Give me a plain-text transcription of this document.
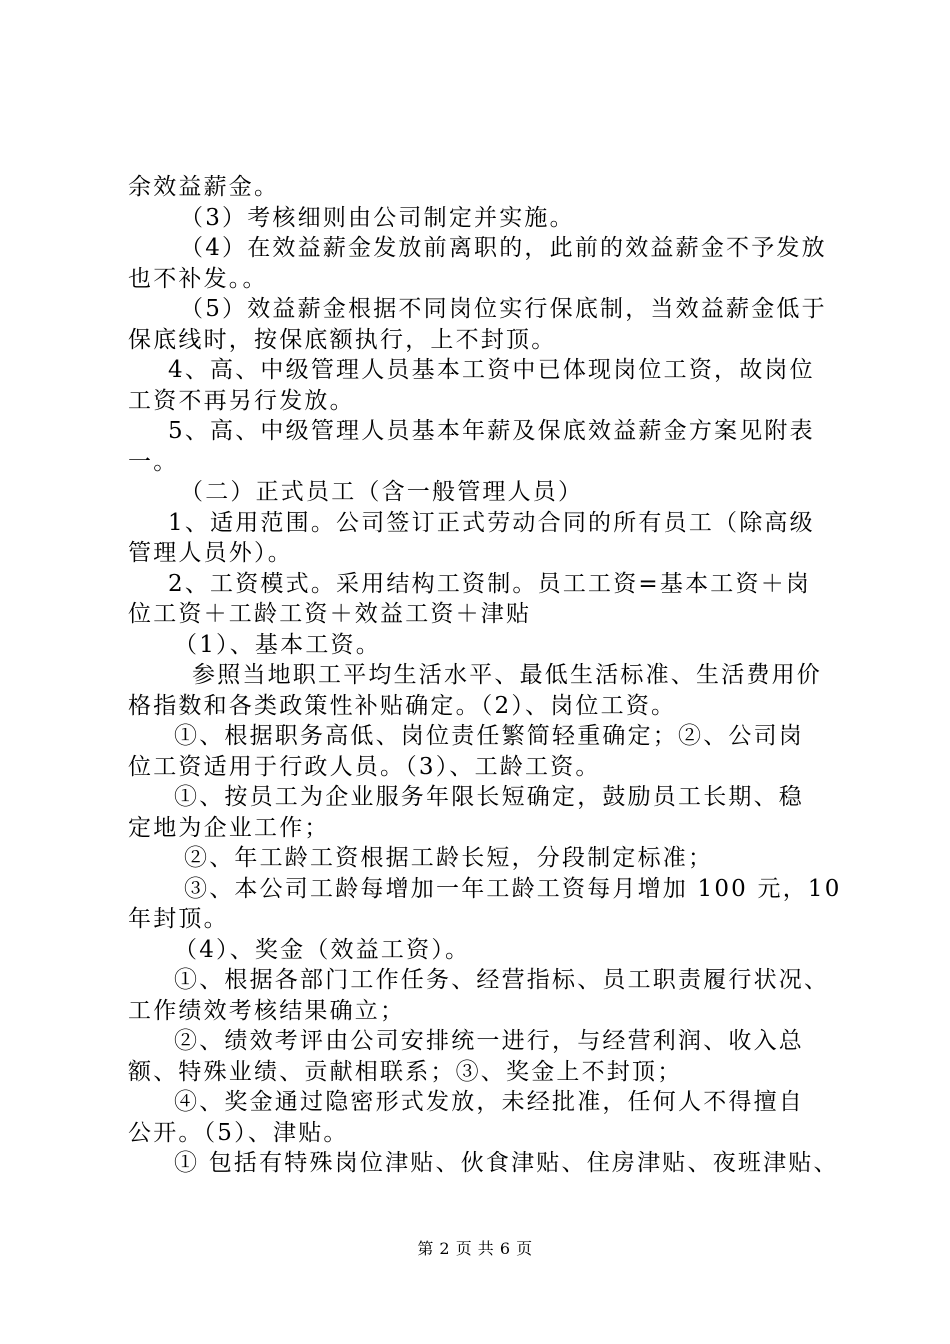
余效益薪金。
（3）考核细则由公司制定并实施。
（4）在效益薪金发放前离职的，此前的效益薪金不予发放
也不补发。。
（5）效益薪金根据不同岗位实行保底制，当效益薪金低于
保底线时，按保底额执行，上不封顶。
4、高、中级管理人员基本工资中已体现岗位工资，故岗位
工资不再另行发放。
5、高、中级管理人员基本年薪及保底效益薪金方案见附表
一。
（二）正式员工（含一般管理人员）
1、适用范围。公司签订正式劳动合同的所有员工（除高级
管理人员外）。
2、工资模式。采用结构工资制。员工工资=基本工资＋岗
位工资＋工龄工资＋效益工资＋津贴
（1）、基本工资。
参照当地职工平均生活水平、最低生活标准、生活费用价
格指数和各类政策性补贴确定。（2）、岗位工资。
①、根据职务高低、岗位责任繁简轻重确定；②、公司岗
位工资适用于行政人员。（3）、工龄工资。
①、按员工为企业服务年限长短确定，鼓励员工长期、稳
定地为企业工作；
②、年工龄工资根据工龄长短，分段制定标准；
③、本公司工龄每增加一年工龄工资每月增加 100 元，10
年封顶。
（4）、奖金（效益工资）。
①、根据各部门工作任务、经营指标、员工职责履行状况、
工作绩效考核结果确立；
②、绩效考评由公司安排统一进行，与经营利润、收入总
额、特殊业绩、贡献相联系；③、奖金上不封顶；
④、奖金通过隐密形式发放，未经批准，任何人不得擅自
公开。（5）、津贴。
① 包括有特殊岗位津贴、伙食津贴、住房津贴、夜班津贴、
第 2 页 共 6 页
